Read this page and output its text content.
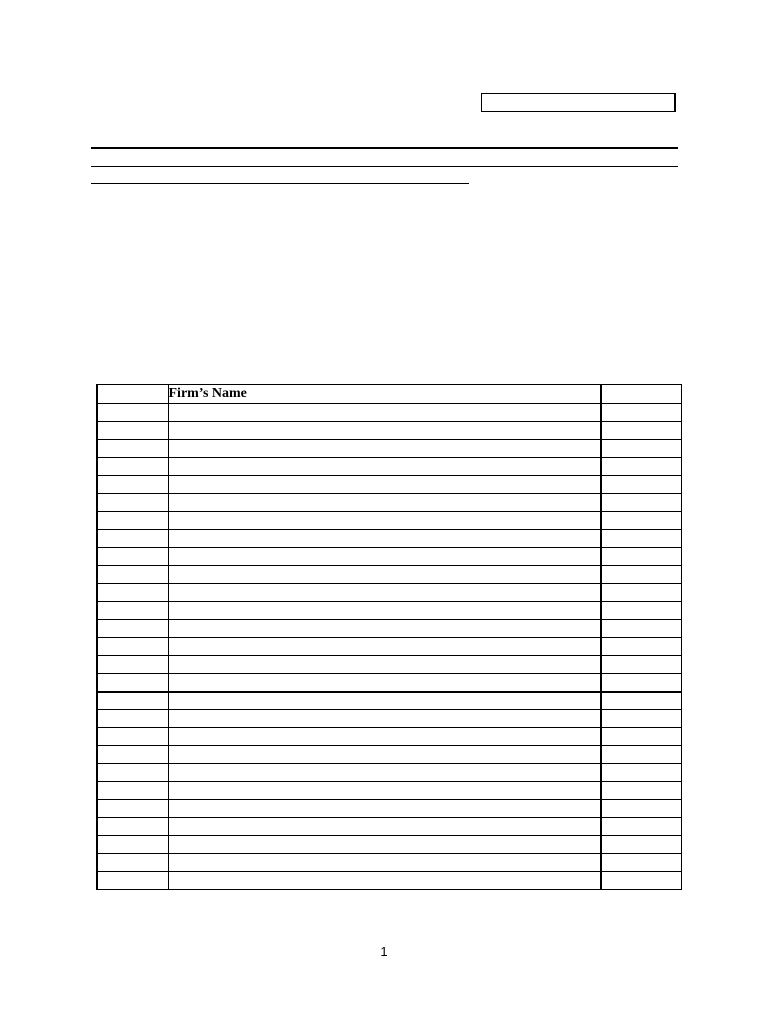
	Firm’s Name	

1
